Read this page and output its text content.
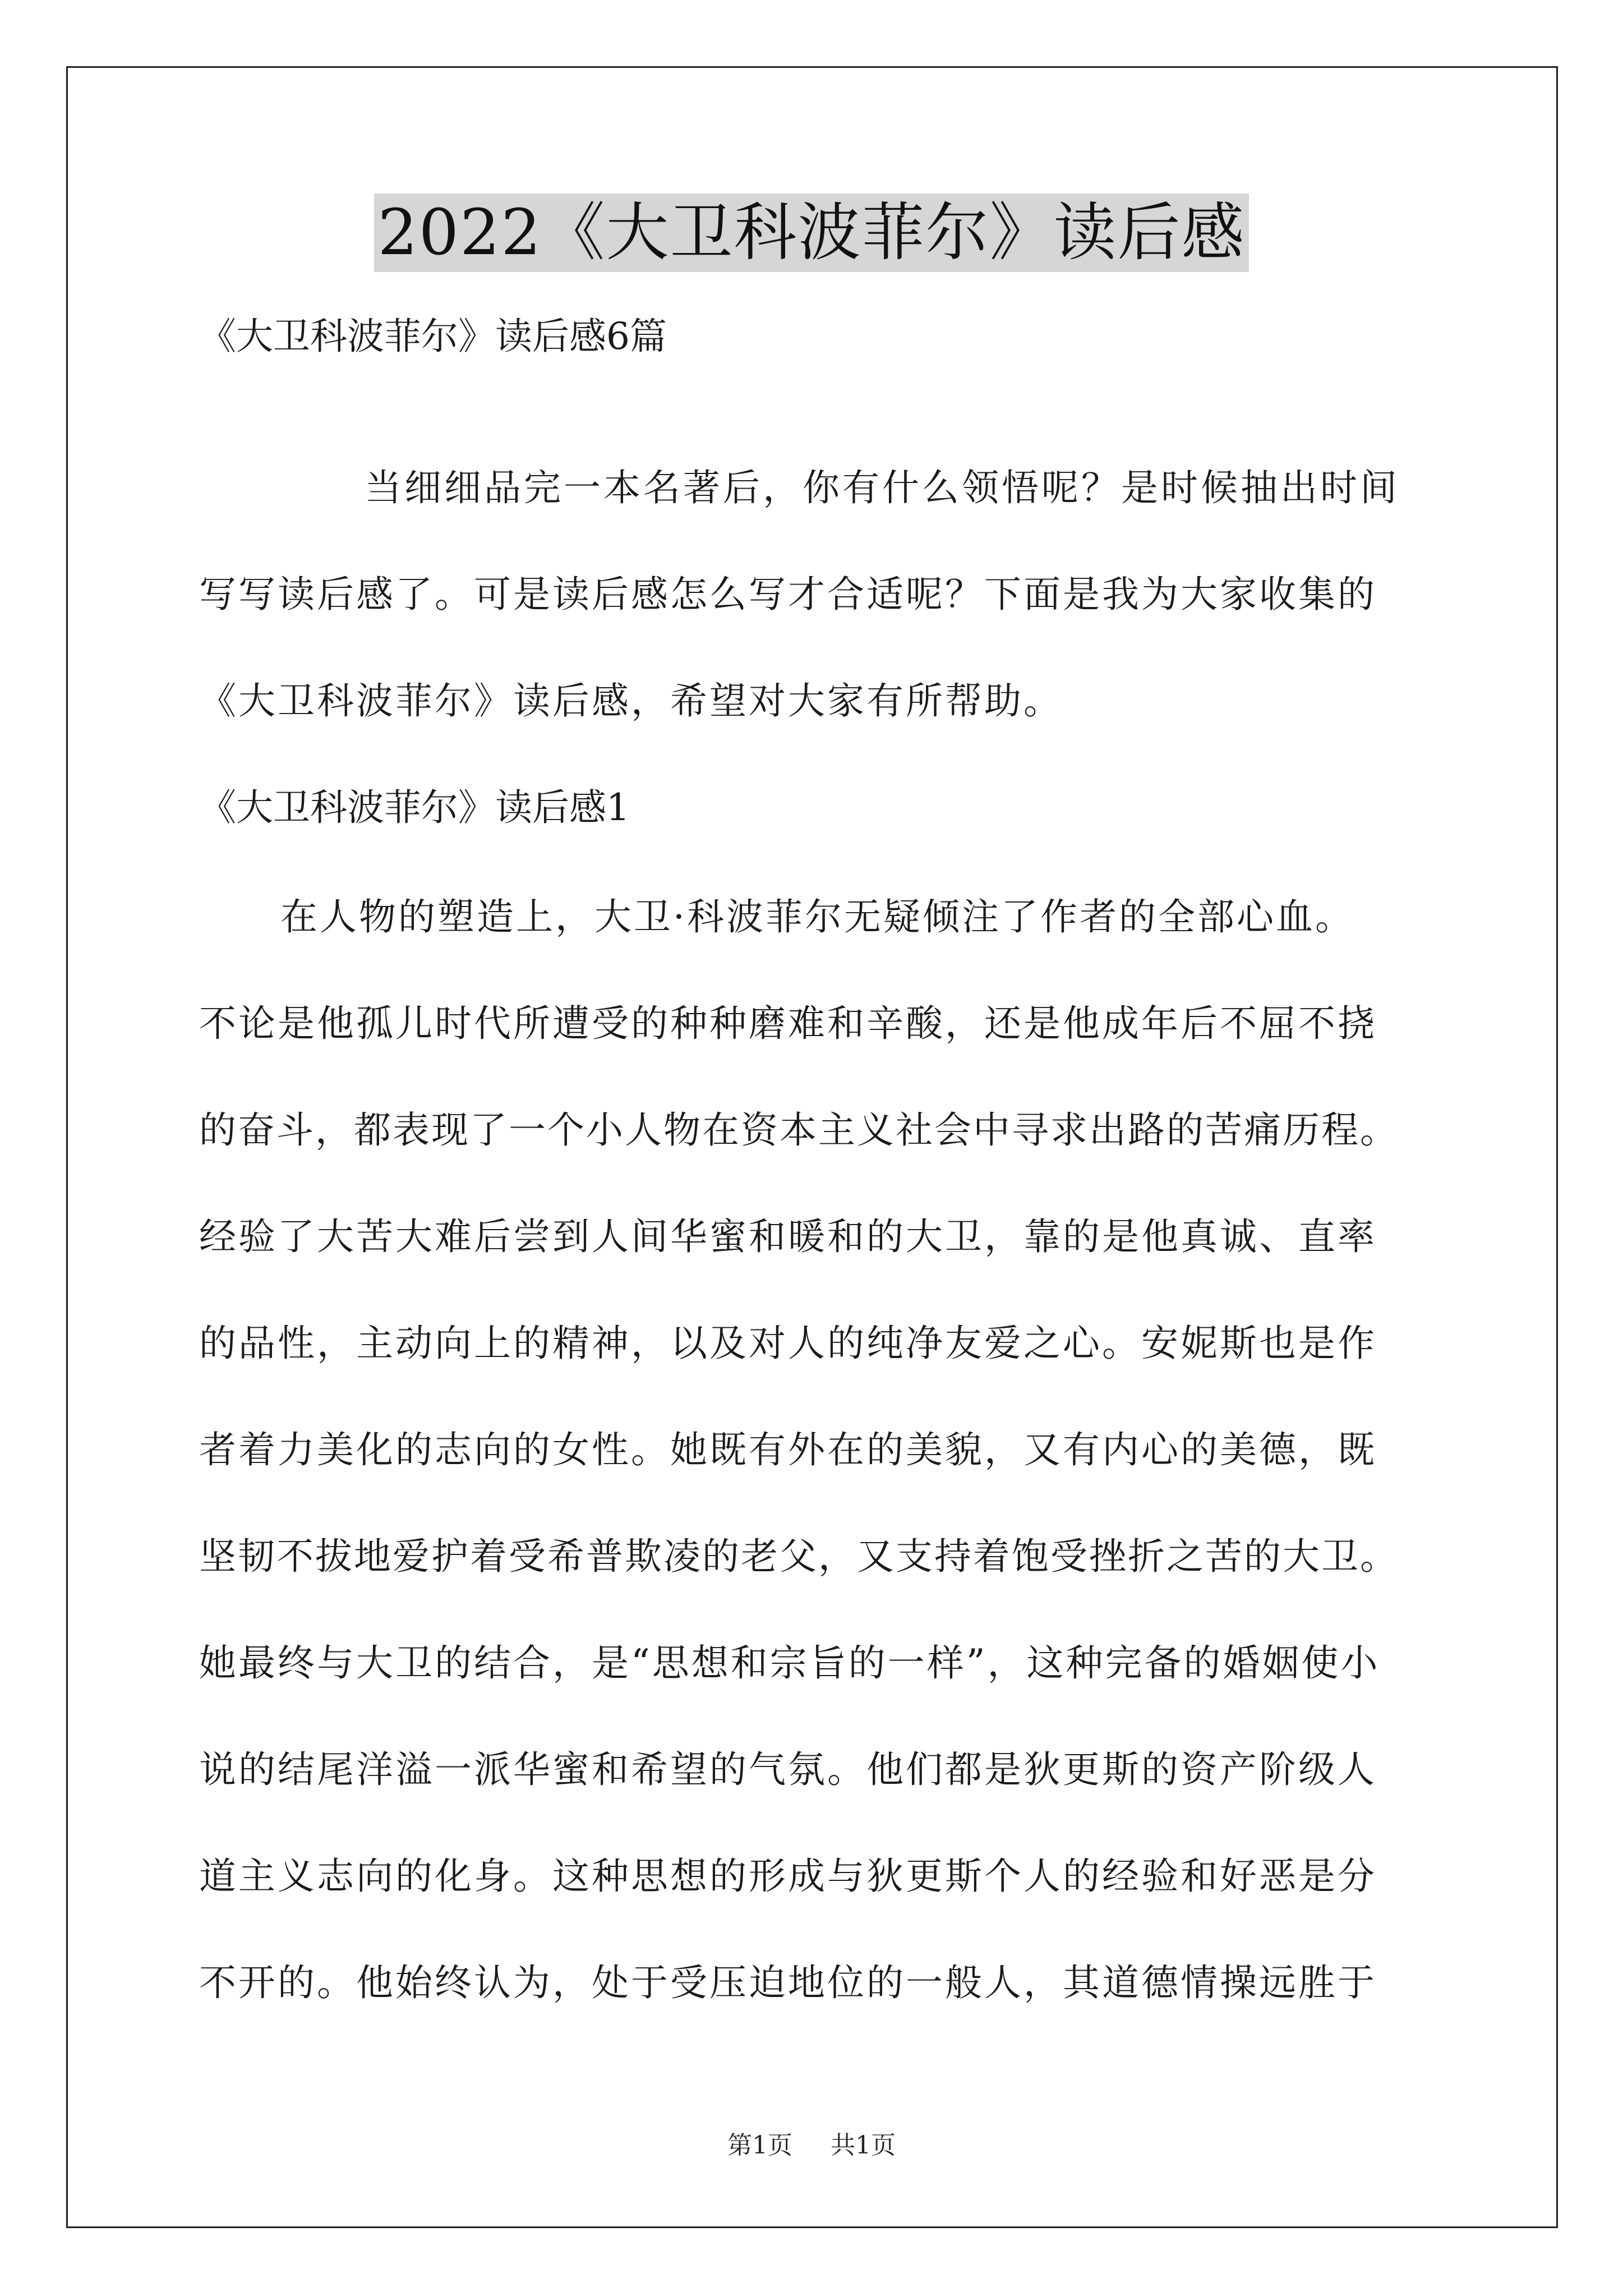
2022《大卫科波菲尔》读后感
《大卫科波菲尔》读后感6篇
当细细品完一本名著后，你有什么领悟呢？是时候抽出时间
写写读后感了。可是读后感怎么写才合适呢？下面是我为大家收集的
《大卫科波菲尔》读后感，希望对大家有所帮助。
《大卫科波菲尔》读后感1
在人物的塑造上，大卫·科波菲尔无疑倾注了作者的全部心血。
不论是他孤儿时代所遭受的种种磨难和辛酸，还是他成年后不屈不挠
的奋斗，都表现了一个小人物在资本主义社会中寻求出路的苦痛历程。
经验了大苦大难后尝到人间华蜜和暖和的大卫，靠的是他真诚、直率
的品性，主动向上的精神，以及对人的纯净友爱之心。安妮斯也是作
者着力美化的志向的女性。她既有外在的美貌，又有内心的美德，既
坚韧不拔地爱护着受希普欺凌的老父，又支持着饱受挫折之苦的大卫。
她最终与大卫的结合，是“思想和宗旨的一样”，这种完备的婚姻使小
说的结尾洋溢一派华蜜和希望的气氛。他们都是狄更斯的资产阶级人
道主义志向的化身。这种思想的形成与狄更斯个人的经验和好恶是分
不开的。他始终认为，处于受压迫地位的一般人，其道德情操远胜于
第1页 共1页
